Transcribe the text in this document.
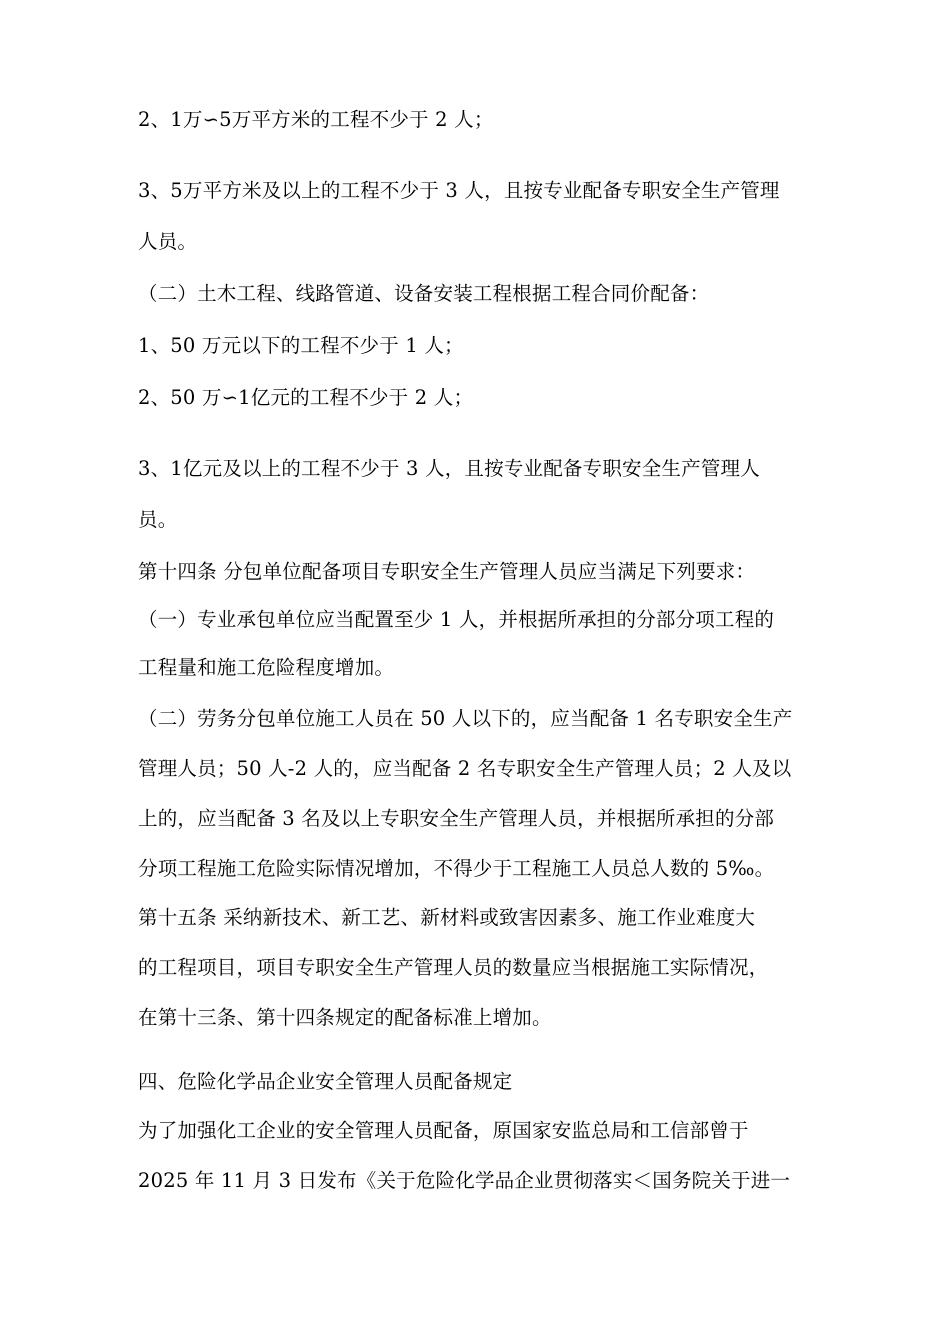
2、1万∽5万平方米的工程不少于 2 人；

3、5万平方米及以上的工程不少于 3 人，且按专业配备专职安全生产管理

人员。

（二）土木工程、线路管道、设备安装工程根据工程合同价配备：

1、50 万元以下的工程不少于 1 人；

2、50 万∽1亿元的工程不少于 2 人；

3、1亿元及以上的工程不少于 3 人，且按专业配备专职安全生产管理人

员。

第十四条 分包单位配备项目专职安全生产管理人员应当满足下列要求：

（一）专业承包单位应当配置至少 1 人，并根据所承担的分部分项工程的

工程量和施工危险程度增加。

（二）劳务分包单位施工人员在 50 人以下的，应当配备 1 名专职安全生产

管理人员；50 人-2 人的，应当配备 2 名专职安全生产管理人员；2 人及以

上的，应当配备 3 名及以上专职安全生产管理人员，并根据所承担的分部

分项工程施工危险实际情况增加，不得少于工程施工人员总人数的 5‰。

第十五条 采纳新技术、新工艺、新材料或致害因素多、施工作业难度大

的工程项目，项目专职安全生产管理人员的数量应当根据施工实际情况，

在第十三条、第十四条规定的配备标准上增加。

四、危险化学品企业安全管理人员配备规定

为了加强化工企业的安全管理人员配备，原国家安监总局和工信部曾于

2025 年 11 月 3 日发布《关于危险化学品企业贯彻落实＜国务院关于进一
